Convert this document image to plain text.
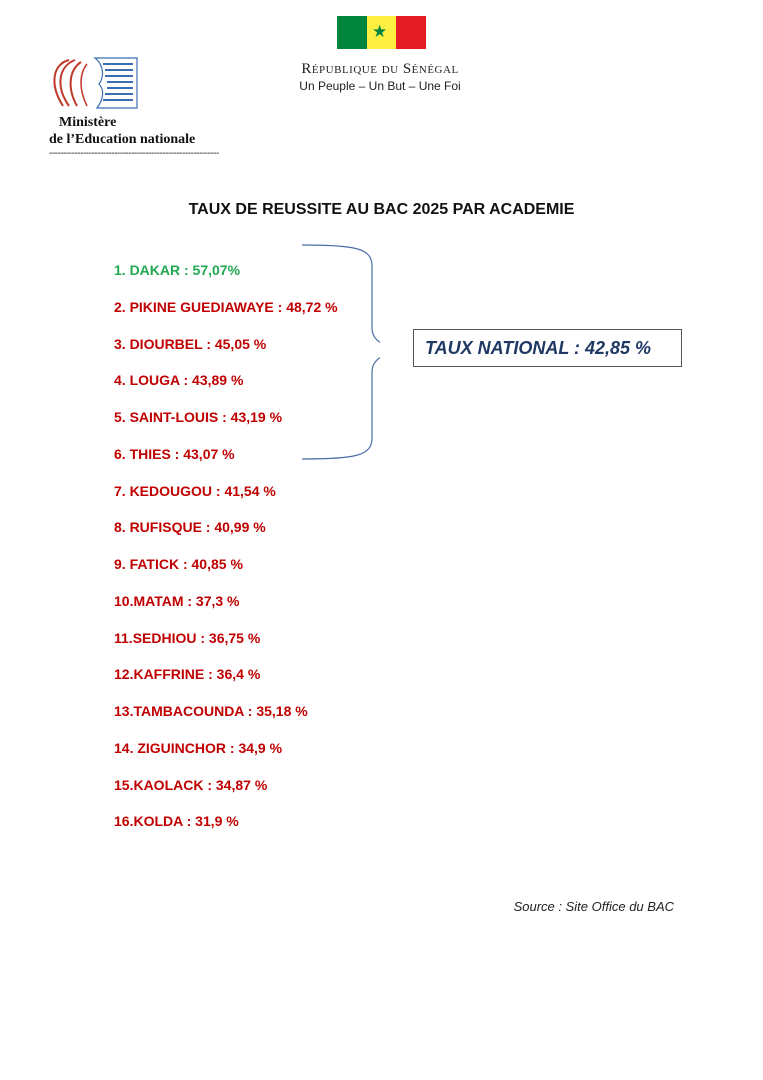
★
République du Sénégal
Un Peuple – Un But – Une Foi
Ministère
de l’Education nationale
------------------------------------------------------------
TAUX DE REUSSITE AU BAC 2025 PAR ACADEMIE
1. DAKAR : 57,07%
2. PIKINE GUEDIAWAYE : 48,72 %
3. DIOURBEL : 45,05 %
4. LOUGA : 43,89 %
5. SAINT-LOUIS : 43,19 %
6. THIES : 43,07 %
7. KEDOUGOU : 41,54 %
8. RUFISQUE : 40,99 %
9. FATICK : 40,85 %
10.MATAM : 37,3 %
11.SEDHIOU : 36,75 %
12.KAFFRINE : 36,4 %
13.TAMBACOUNDA : 35,18 %
14. ZIGUINCHOR : 34,9 %
15.KAOLACK : 34,87 %
16.KOLDA : 31,9 %
TAUX NATIONAL : 42,85 %
Source : Site Office du BAC
